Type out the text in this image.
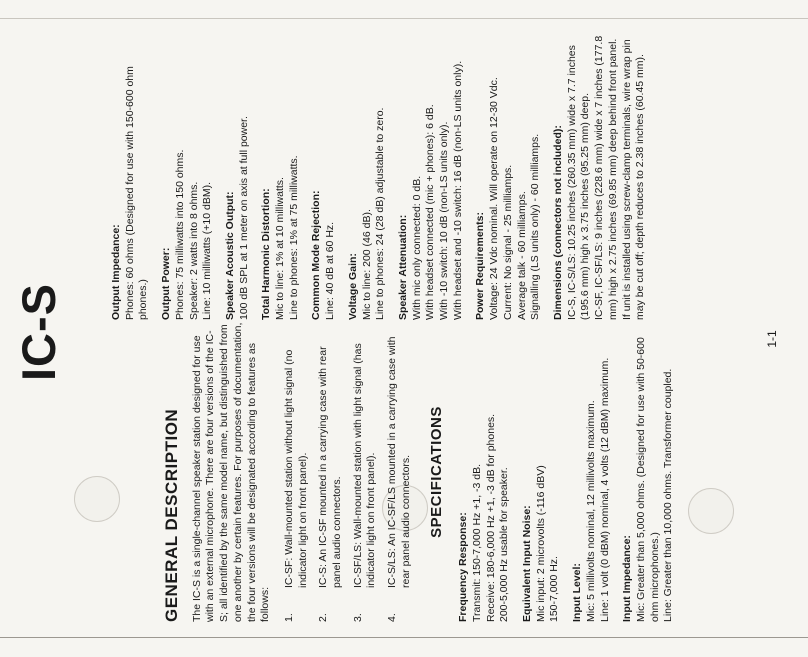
IC-S
GENERAL DESCRIPTION The IC-S is a single-channel speaker station designed for use with an external microphone. There are four versions of the IC-S; all identified by the same model name, but distinguished from one another by certain features. For purposes of documentation, the four versions will be designated according to features as follows: 1.
IC-SF: Wall-mounted station without light signal (no indicator light on front panel).
2.
IC-S: An IC-SF mounted in a carrying case with rear panel audio connectors.
3.
IC-SF/LS: Wall-mounted station with light signal (has indicator light on front panel).
4.
IC-S/LS: An IC-SF/LS mounted in a carrying case with rear panel audio connectors. SPECIFICATIONS
Frequency Response: Transmit: 150-7,000 Hz +1, -3 dB. Receive: 180-6,000 Hz +1, -3 dB for phones. 200-5,000 Hz usable for speaker. Equivalent Input Noise: Mic input: 2 microvolts (-116 dBV) 150-7,000 Hz. Input Level: Mic: 5 millivolts nominal, 12 millivolts maximum. Line: 1 volt (0 dBM) nominal, 4 volts (12 dBM) maximum. Input Impedance: Mic: Greater than 5,000 ohms. (Designed for use with 50-600 ohm microphones.) Line: Greater than 10,000 ohms. Transformer coupled.
Output Impedance: Phones: 60 ohms (Designed for use with 150-600 ohm phones.) Output Power: Phones: 75 milliwatts into 150 ohms. Speaker: 2 watts into 8 ohms. Line: 10 milliwatts (+10 dBM). Speaker Acoustic Output: 100 dB SPL at 1 meter on axis at full power. Total Harmonic Distortion: Mic to line: 1% at 10 milliwatts. Line to phones: 1% at 75 milliwatts. Common Mode Rejection: Line: 40 dB at 60 Hz. Voltage Gain: Mic to line: 200 (46 dB). Line to phones: 24 (28 dB) adjustable to zero. Speaker Attenuation: With mic only connected: 0 dB. With headset connected (mic + phones): 6 dB. With -10 switch: 10 dB (non-LS units only). With headset and -10 switch: 16 dB (non-LS units only). Power Requirements: Voltage: 24 Vdc nominal. Will operate on 12-30 Vdc. Current: No signal - 25 milliamps. Average talk - 60 milliamps. Signalling (LS units only) - 60 milliamps. Dimensions (connectors not included): IC-S, IC-S/LS: 10.25 inches (260.35 mm) wide x 7.7 inches (195.6 mm) high x 3.75 inches (95.25 mm) deep. IC-SF, IC-SF/LS: 9 inches (228.6 mm) wide x 7 inches (177.8 mm) high x 2.75 inches (69.85 mm) deep behind front panel. If unit is installed using screw-clamp terminals, wire wrap pin may be cut off; depth reduces to 2.38 inches (60.45 mm).
1-1
